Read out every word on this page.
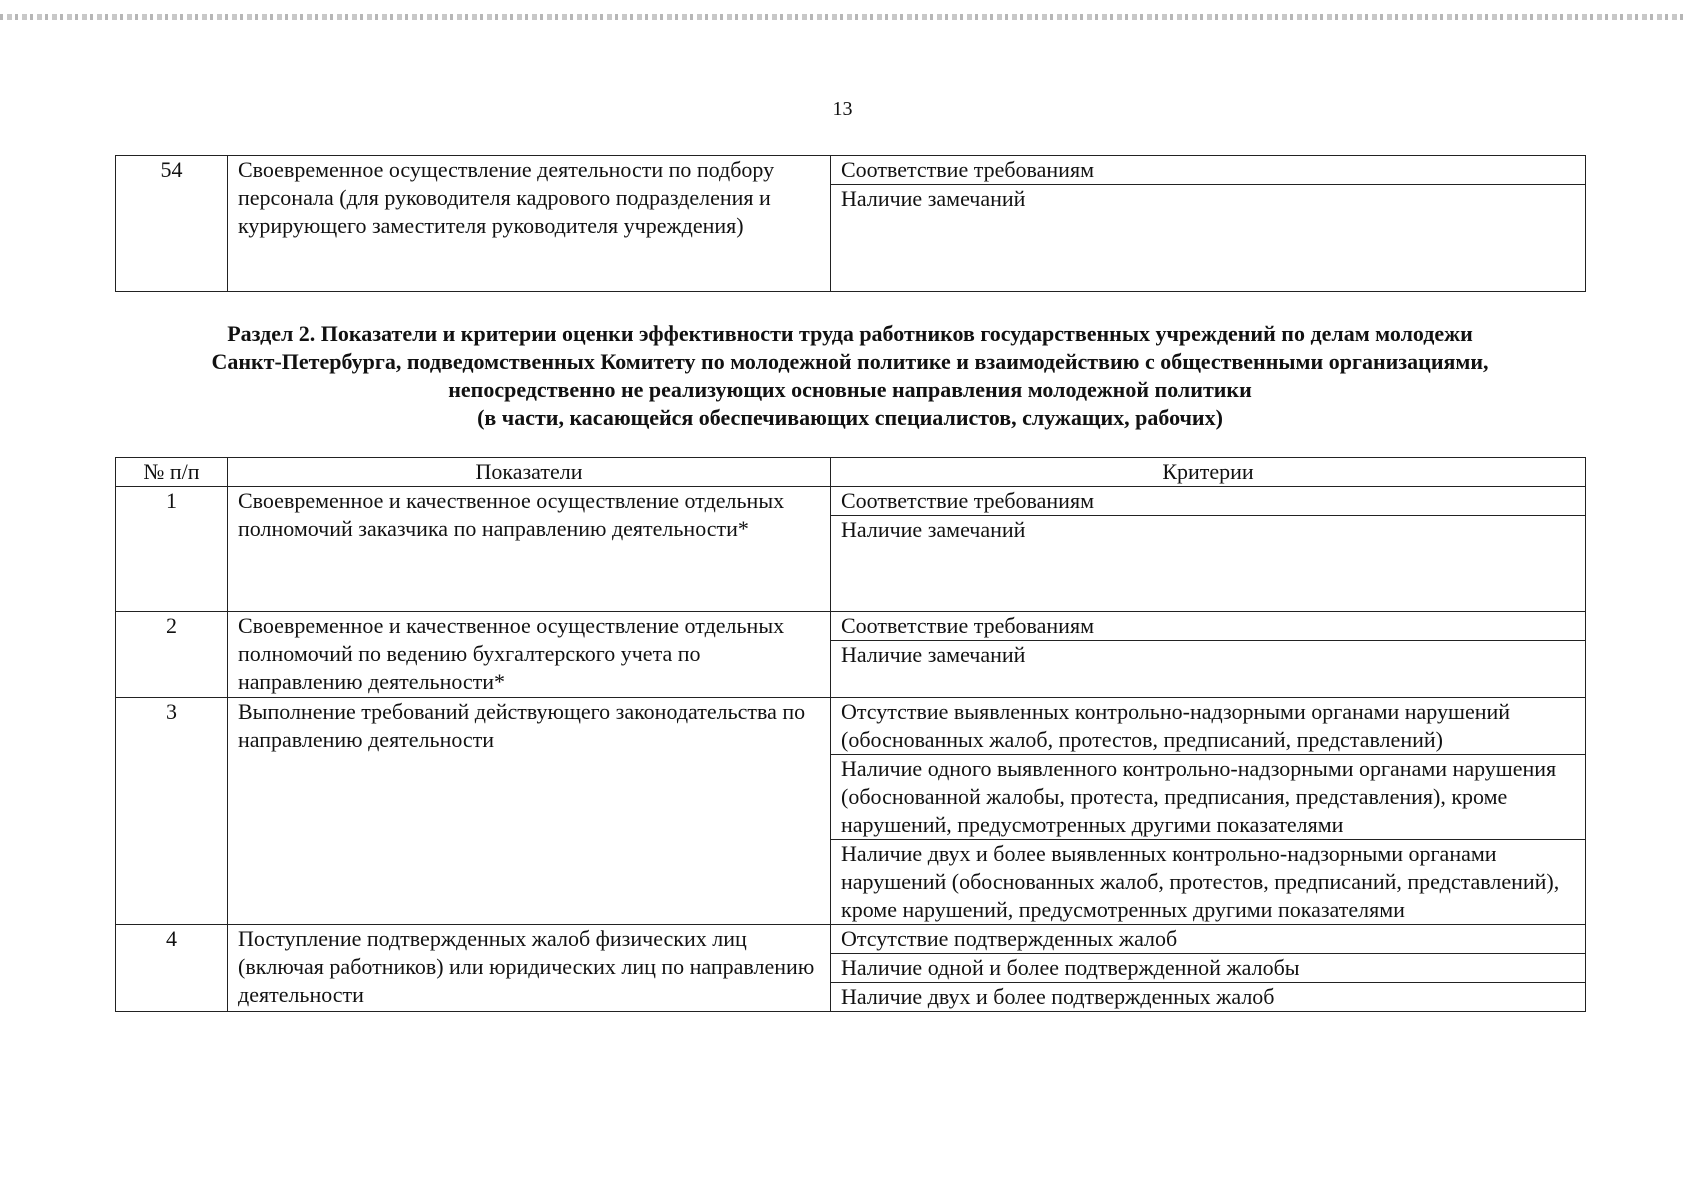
13
54	Своевременное осуществление деятельности по подбору персонала (для руководителя кадрового подразделения и курирующего заместителя руководителя учреждения)	Соответствие требованиям
Наличие замечаний
Раздел 2. Показатели и критерии оценки эффективности труда работников государственных учреждений по делам молодежи
Санкт-Петербурга, подведомственных Комитету по молодежной политике и взаимодействию с общественными организациями,
непосредственно не реализующих основные направления молодежной политики
(в части, касающейся обеспечивающих специалистов, служащих, рабочих)
№ п/п	Показатели	Критерии
1	Своевременное и качественное осуществление отдельных полномочий заказчика по направлению деятельности*	Соответствие требованиям
		Наличие замечаний
2	Своевременное и качественное осуществление отдельных полномочий по ведению бухгалтерского учета по направлению деятельности*	Соответствие требованиям
		Наличие замечаний
3	Выполнение требований действующего законодательства по направлению деятельности	Отсутствие выявленных контрольно-надзорными органами нарушений (обоснованных жалоб, протестов, предписаний, представлений)
		Наличие одного выявленного контрольно-надзорными органами нарушения (обоснованной жалобы, протеста, предписания, представления), кроме нарушений, предусмотренных другими показателями
		Наличие двух и более выявленных контрольно-надзорными органами нарушений (обоснованных жалоб, протестов, предписаний, представлений), кроме нарушений, предусмотренных другими показателями
4	Поступление подтвержденных жалоб физических лиц (включая работников) или юридических лиц по направлению деятельности	Отсутствие подтвержденных жалоб
		Наличие одной и более подтвержденной жалобы
		Наличие двух и более подтвержденных жалоб
